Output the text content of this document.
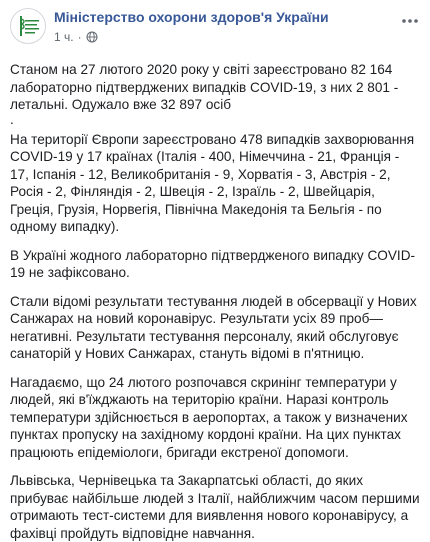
Міністерство охорони здоров'я України
1 ч. ·

Станом на 27 лютого 2020 року у світі зареєстровано 82 164 лабораторно підтверджених випадків COVID-19, з них 2 801 - летальні. Одужало вже 32 897 осіб

.

На території Європи зареєстровано 478 випадків захворювання COVID-19 у 17 країнах (Італія - 400, Німеччина - 21, Франція - 17, Іспанія - 12, Великобританія - 9, Хорватія - 3, Австрія - 2, Росія - 2, Фінляндія - 2, Швеція - 2, Ізраїль - 2, Швейцарія, Греція, Грузія, Норвегія, Північна Македонія та Бельгія - по одному випадку).

В Україні жодного лабораторно підтвердженого випадку COVID-19 не зафіксовано.

Стали відомі результати тестування людей в обсервації у Нових Санжарах на новий коронавірус. Результати усіх 89 проб— негативні. Результати тестування персоналу, який обслуговує санаторій у Нових Санжарах, стануть відомі в п'ятницю.

Нагадаємо, що 24 лютого розпочався скринінг температури у людей, які в'їжджають на територію країни. Наразі контроль температури здійснюється в аеропортах, а також у визначених пунктах пропуску на західному кордоні країни. На цих пунктах працюють епідеміологи, бригади екстреної допомоги.

Львівська, Чернівецька та Закарпатські області, до яких прибуває найбільше людей з Італії, найближчим часом першими отримають тест-системи для виявлення нового коронавірусу, а фахівці пройдуть відповідне навчання.
